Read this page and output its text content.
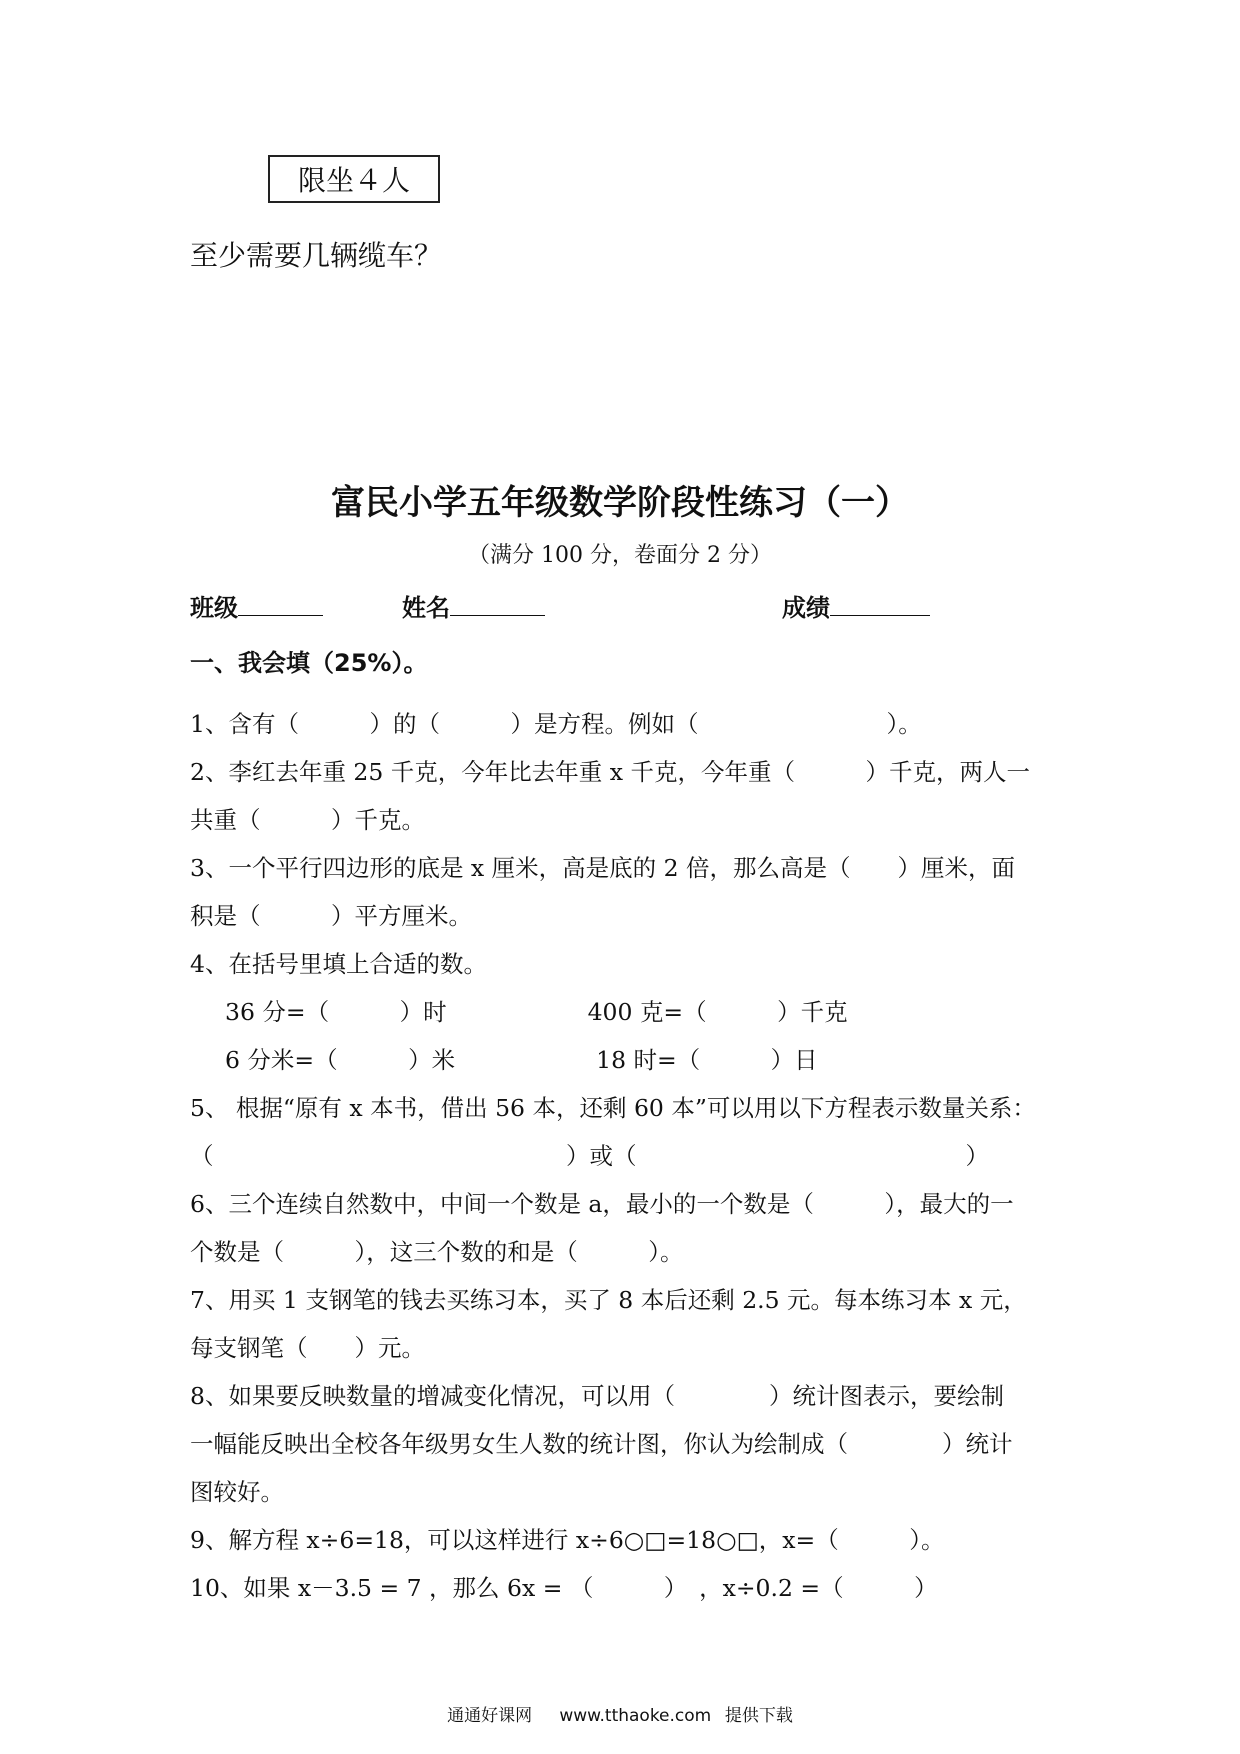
限坐４人
至少需要几辆缆车？
富民小学五年级数学阶段性练习（一）
（满分 100 分，卷面分 2 分）
班级	姓名	成绩
一、我会填（25%）。
1、含有（　　　）的（　　　）是方程。例如（　　　　　　　　）。
2、李红去年重 25 千克，今年比去年重 x 千克，今年重（　　　）千克，两人一
共重（　　　）千克。
3、一个平行四边形的底是 x 厘米，高是底的 2 倍，那么高是（　　）厘米，面
积是（　　　）平方厘米。
4、在括号里填上合适的数。
36 分=（　　　）时　　　　　　400 克=（　　　）千克
6 分米=（　　　）米　　　　　　18 时=（　　　）日
5、 根据“原有 x 本书，借出 56 本，还剩 60 本”可以用以下方程表示数量关系：
（　　　　　　　　　　　　　　　）或（　　　　　　　　　　　　　　）
6、三个连续自然数中，中间一个数是 a，最小的一个数是（　　　），最大的一
个数是（　　　），这三个数的和是（　　　）。
7、用买 1 支钢笔的钱去买练习本，买了 8 本后还剩 2.5 元。每本练习本 x 元，
每支钢笔（　　）元。
8、如果要反映数量的增减变化情况，可以用（　　　　）统计图表示，要绘制
一幅能反映出全校各年级男女生人数的统计图，你认为绘制成（　　　　）统计
图较好。
9、解方程 x÷6=18，可以这样进行 x÷6○□=18○□，x=（　　　）。
10、如果 x－3.5 = 7 ，那么 6x = （　　　）　，x÷0.2 =（　　　）
通通好课网 www.tthaoke.com 提供下载
